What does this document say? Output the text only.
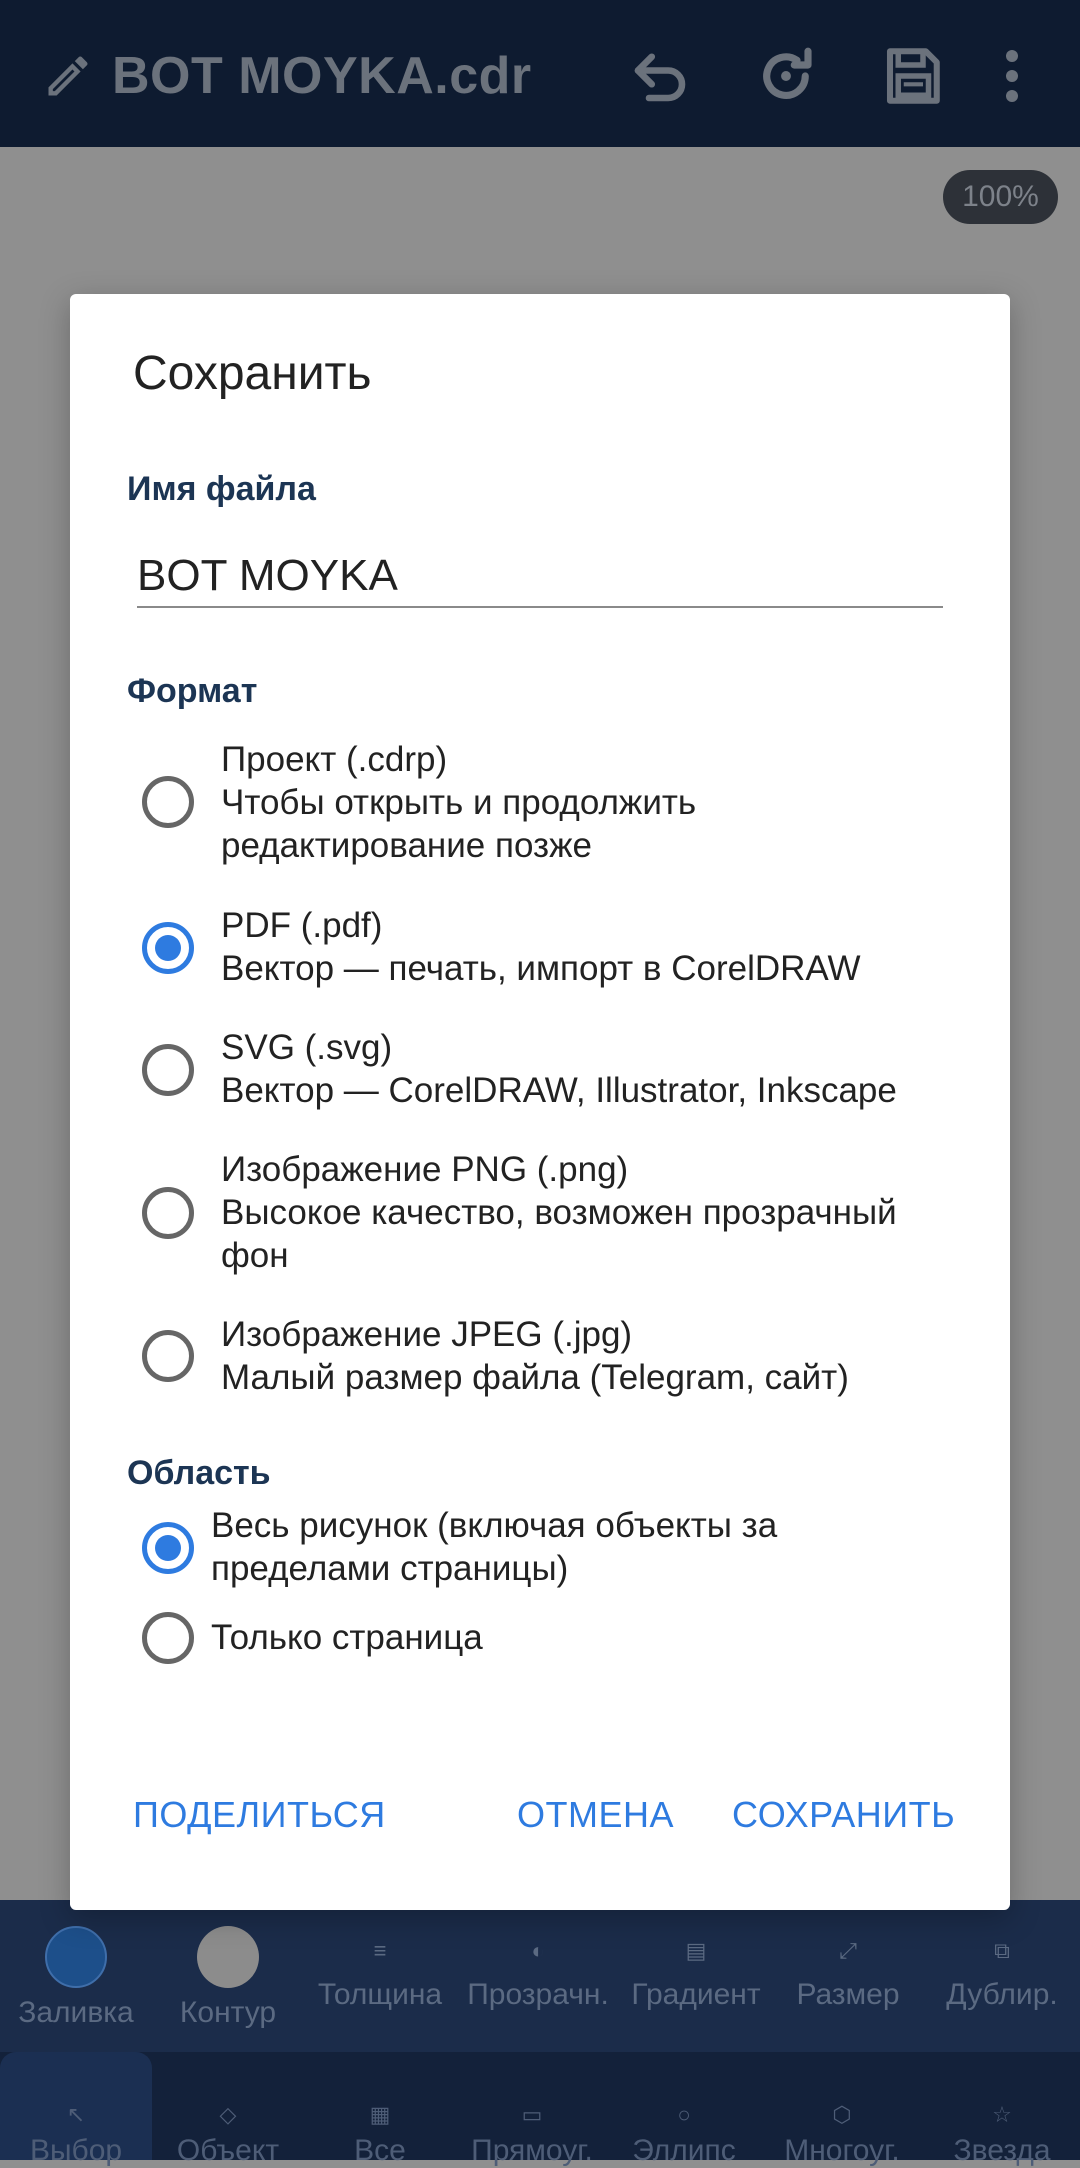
BOT MOYKA.cdr
100%
Заливка Контур
≡
Толщина
◐
Прозрачн.
▤
Градиент
⤢
Размер
⧉
Дублир.
↖
Выбор
◇
Объект
▦
Все
▭
Прямоуг.
○
Эллипс
⬡
Многоуг.
☆
Звезда
Сохранить
Имя файла
BOT MOYKA
Формат
Проект (.cdrp)
Чтобы открыть и продолжить редактирование позже
PDF (.pdf)
Вектор — печать, импорт в CorelDRAW
SVG (.svg)
Вектор — CorelDRAW, Illustrator, Inkscape
Изображение PNG (.png)
Высокое качество, возможен прозрачный фон
Изображение JPEG (.jpg)
Малый размер файла (Telegram, сайт)
Область
Весь рисунок (включая объекты за пределами страницы)
Только страница
ПОДЕЛИТЬСЯ	ОТМЕНА СОХРАНИТЬ
